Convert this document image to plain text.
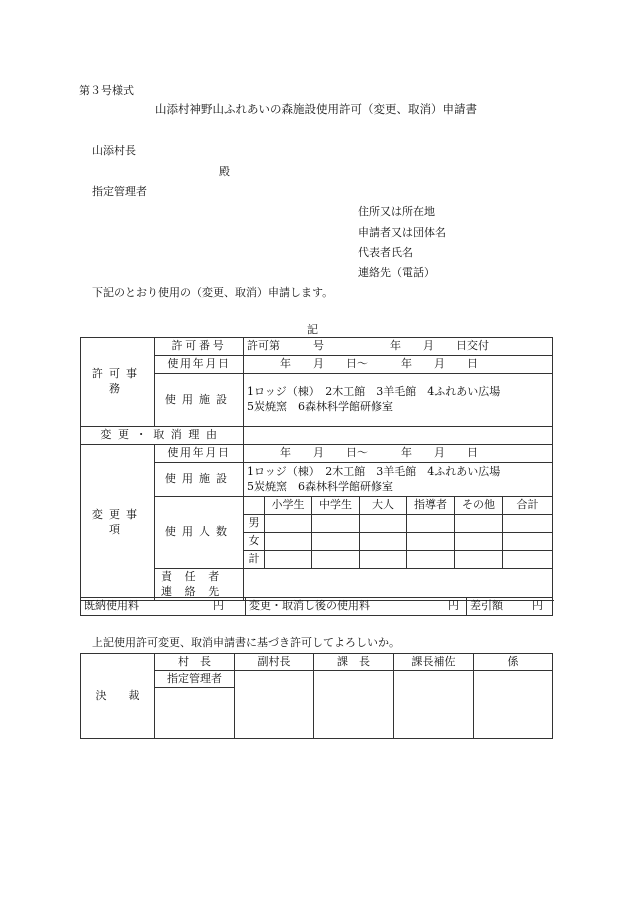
第３号様式
山添村神野山ふれあいの森施設使用許可（変更、取消）申請書
山添村長
殿
指定管理者
住所又は所在地
申請者又は団体名
代表者氏名
連絡先（電話）
下記のとおり使用の（変更、取消）申請します。
記
許可事務	許可番号	許可第　　　号　　　　　　年　　月　　日交付						
	使用年月日	年　　月　　日〜　　　年　　月　　日						
	使用施設	1ロッジ（棟）　2木工館　3羊毛館　4ふれあい広場
5炭焼窯　6森林科学館研修室						

変更・取消理由								
変更事項	使用年月日	年　　月　　日〜　　　年　　月　　日						
	使用施設	1ロッジ（棟）　2木工館　3羊毛館　4ふれあい広場
5炭焼窯　6森林科学館研修室						

	使用人数		小学生	中学生	大人	指導者	その他	合計
		男						
		女						
		計						

	責任者
連絡先							

既納使用料	円	変更・取消し後の使用料	円	差引額	円
上記使用許可変更、取消申請書に基づき許可してよろしいか。
決　　裁	村　長	副村長	課　長	課長補佐	係
	指定管理者				
